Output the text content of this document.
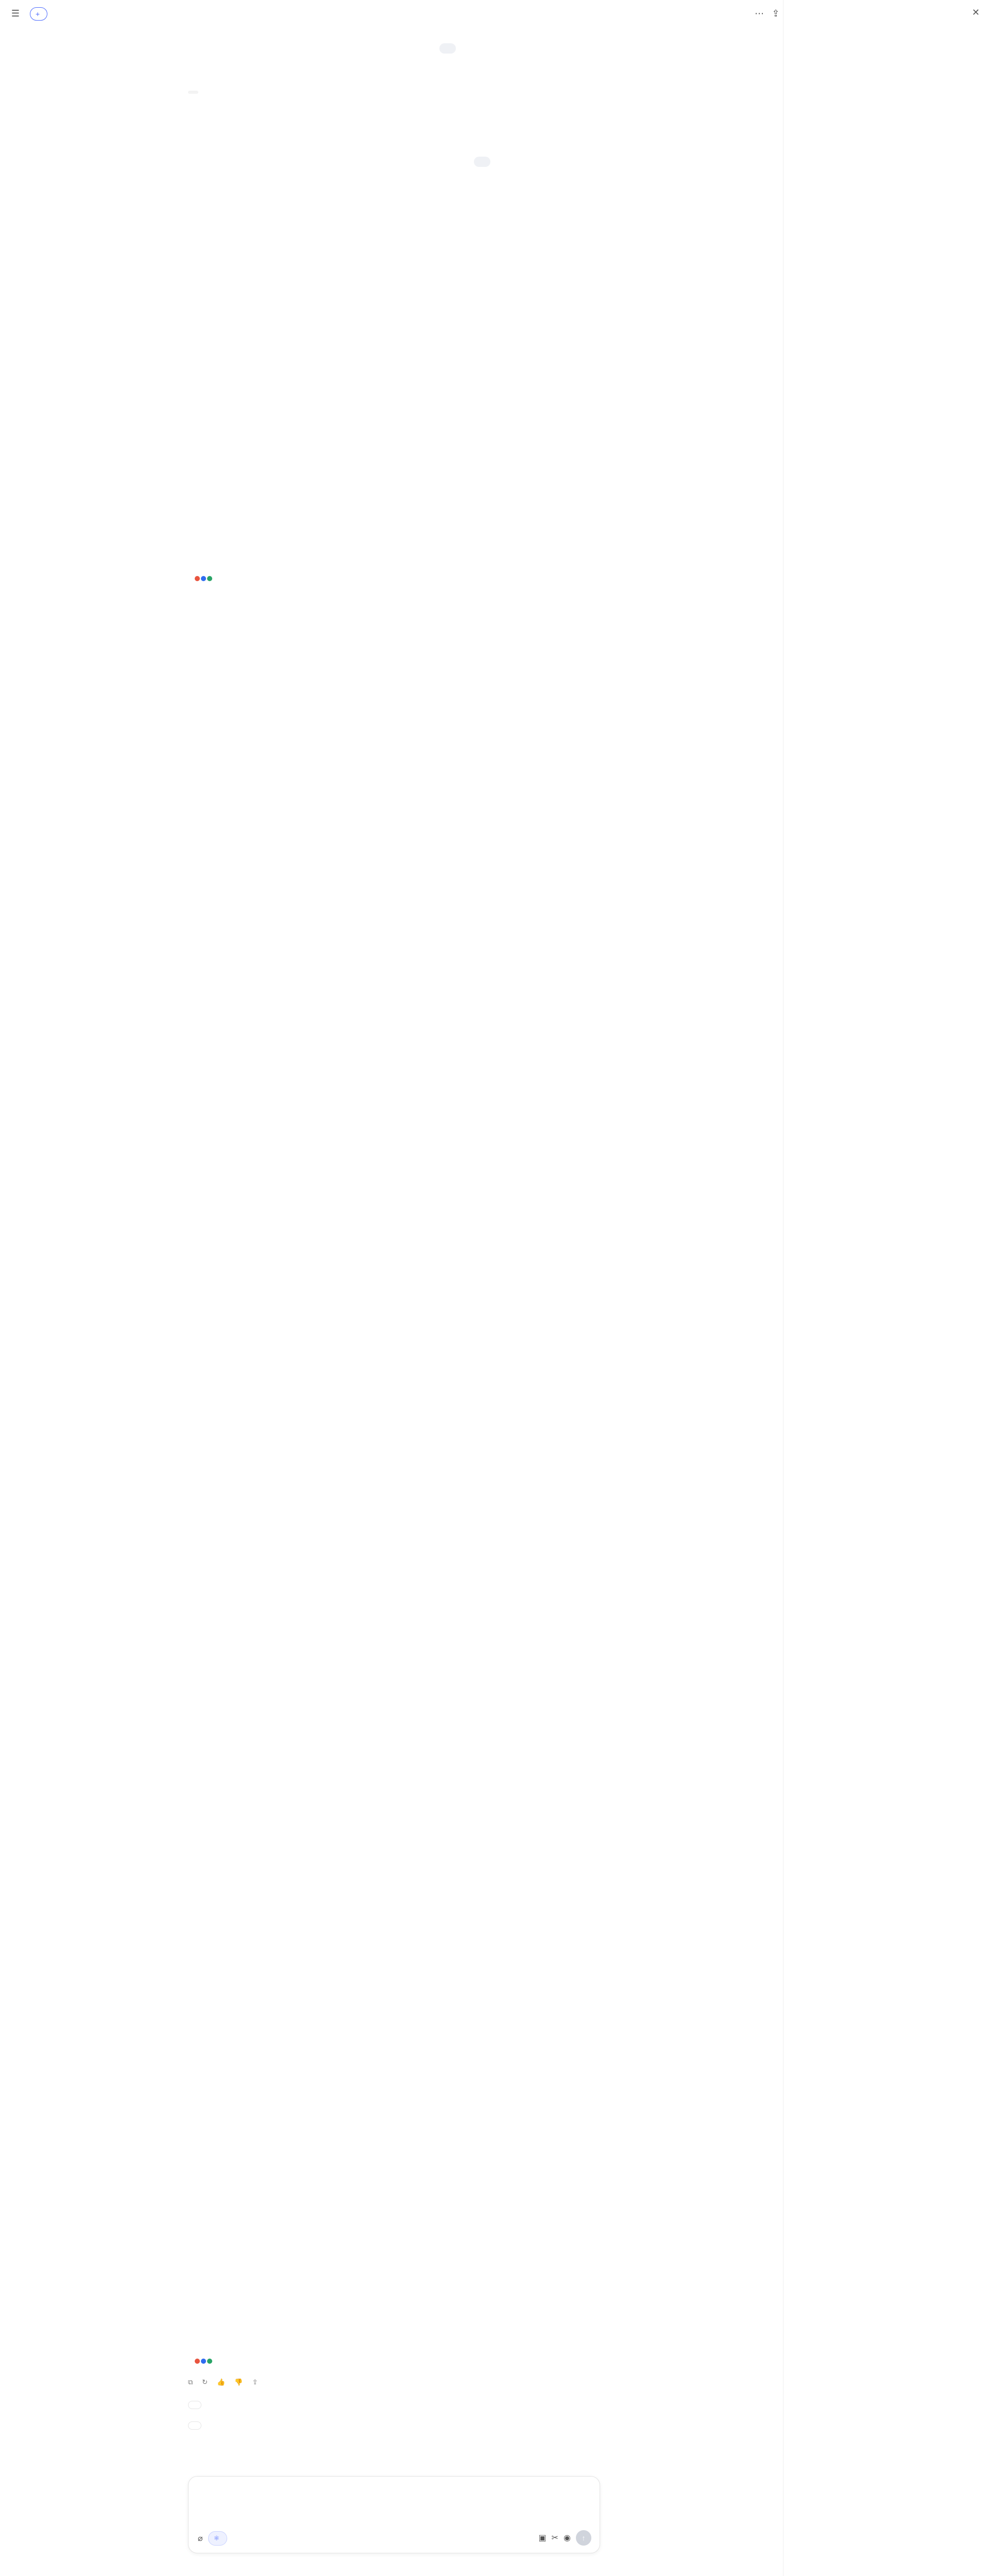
☰ +	⋯ ⇪
⧉ ↻ 👍 👎 ⇪
⌀ ⚛	▣ ✂ ◉ ↑
✕
